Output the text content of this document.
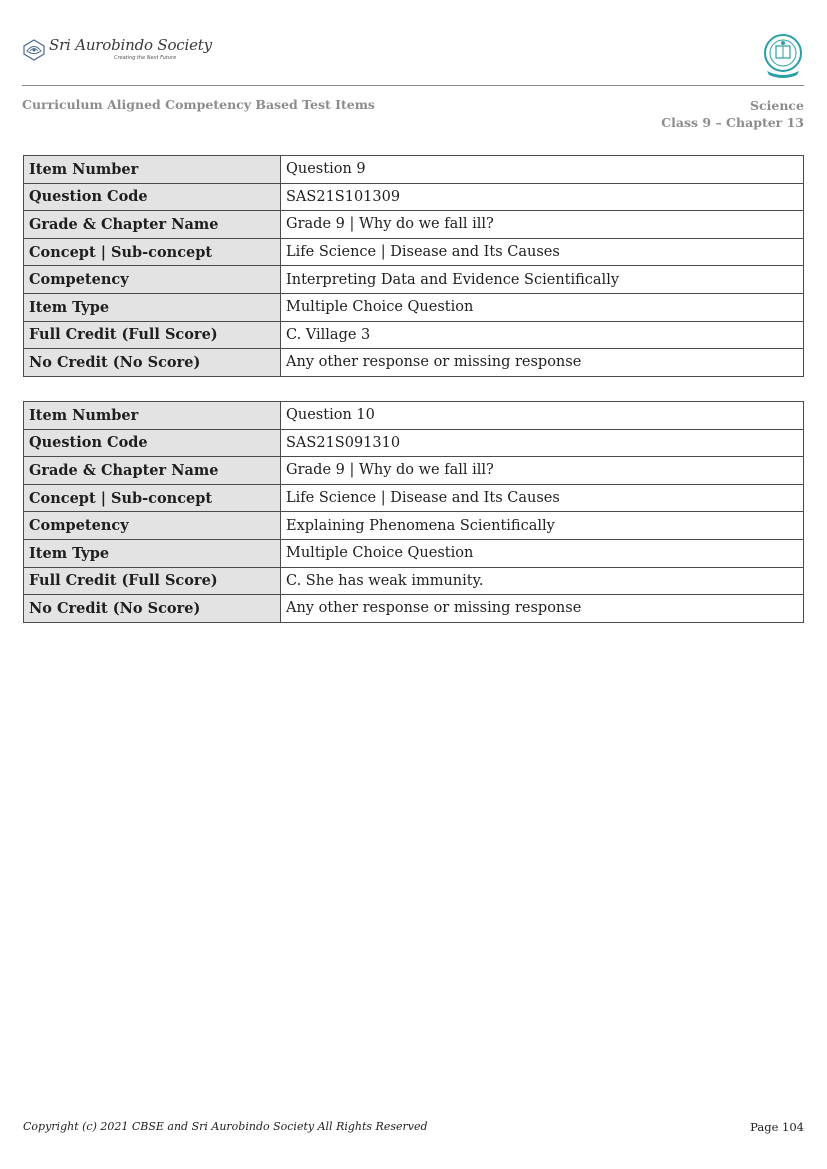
Sri Aurobindo Society
Creating the Next Future
Curriculum Aligned Competency Based Test Items	Science
Class 9 – Chapter 13
Item Number	Question 9
Question Code	SAS21S101309
Grade & Chapter Name	Grade 9 | Why do we fall ill?
Concept | Sub-concept	Life Science | Disease and Its Causes
Competency	Interpreting Data and Evidence Scientifically
Item Type	Multiple Choice Question
Full Credit (Full Score)	C. Village 3
No Credit (No Score)	Any other response or missing response
Item Number	Question 10
Question Code	SAS21S091310
Grade & Chapter Name	Grade 9 | Why do we fall ill?
Concept | Sub-concept	Life Science | Disease and Its Causes
Competency	Explaining Phenomena Scientifically
Item Type	Multiple Choice Question
Full Credit (Full Score)	C. She has weak immunity.
No Credit (No Score)	Any other response or missing response
Copyright (c) 2021 CBSE and Sri Aurobindo Society All Rights Reserved	Page 104
